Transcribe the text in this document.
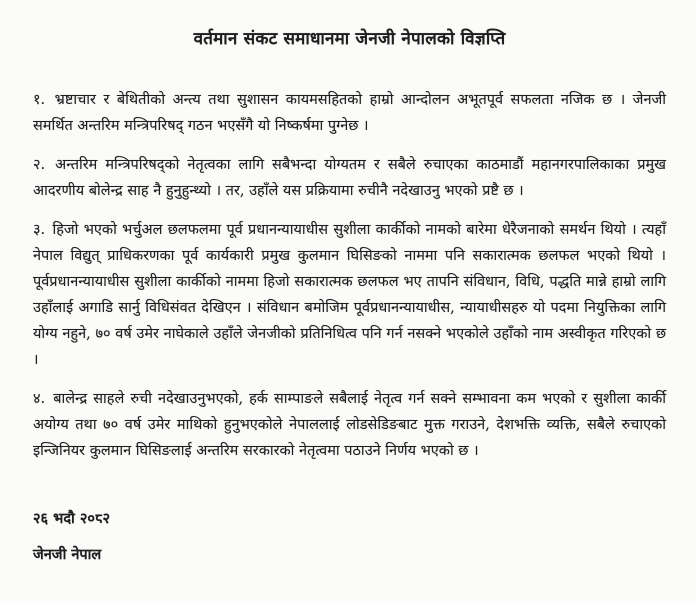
वर्तमान संकट समाधानमा जेनजी नेपालको विज्ञप्ति

१. भ्रष्टाचार र बेथितीको अन्त्य तथा सुशासन कायमसहितको हाम्रो आन्दोलन अभूतपूर्व सफलता नजिक छ । जेनजी समर्थित अन्तरिम मन्त्रिपरिषद् गठन भएसँगै यो निष्कर्षमा पुग्नेछ ।

२. अन्तरिम मन्त्रिपरिषद्को नेतृत्वका लागि सबैभन्दा योग्यतम र सबैले रुचाएका काठमाडौं महानगरपालिकाका प्रमुख आदरणीय बोलेन्द्र साह नै हुनुहुन्थ्यो । तर, उहाँले यस प्रक्रियामा रुचीनै नदेखाउनु भएको प्रष्टै छ ।

३. हिजो भएको भर्चुअल छलफलमा पूर्व प्रधानन्यायाधीस सुशीला कार्कीको नामको बारेमा धेरैजनाको समर्थन थियो । त्यहाँ नेपाल विद्युत् प्राधिकरणका पूर्व कार्यकारी प्रमुख कुलमान घिसिङको नाममा पनि सकारात्मक छलफल भएको थियो । पूर्वप्रधानन्यायाधीस सुशीला कार्कीको नाममा हिजो सकारात्मक छलफल भए तापनि संविधान, विधि, पद्धति मान्ने हाम्रो लागि उहाँलाई अगाडि सार्नु विधिसंवत देखिएन । संविधान बमोजिम पूर्वप्रधानन्यायाधीस, न्यायाधीसहरु यो पदमा नियुक्तिका लागि योग्य नहुने, ७० वर्ष उमेर नाघेकाले उहाँले जेनजीको प्रतिनिधित्व पनि गर्न नसक्ने भएकोले उहाँको नाम अस्वीकृत गरिएको छ ।

४. बालेन्द्र साहले रुची नदेखाउनुभएको, हर्क साम्पाङले सबैलाई नेतृत्व गर्न सक्ने सम्भावना कम भएको र सुशीला कार्की अयोग्य तथा ७० वर्ष उमेर माथिको हुनुभएकोले नेपाललाई लोडसेडिङबाट मुक्त गराउने, देशभक्ति व्यक्ति, सबैले रुचाएको इन्जिनियर कुलमान घिसिङलाई अन्तरिम सरकारको नेतृत्वमा पठाउने निर्णय भएको छ ।

२६ भदौ २०८२
जेनजी नेपाल
